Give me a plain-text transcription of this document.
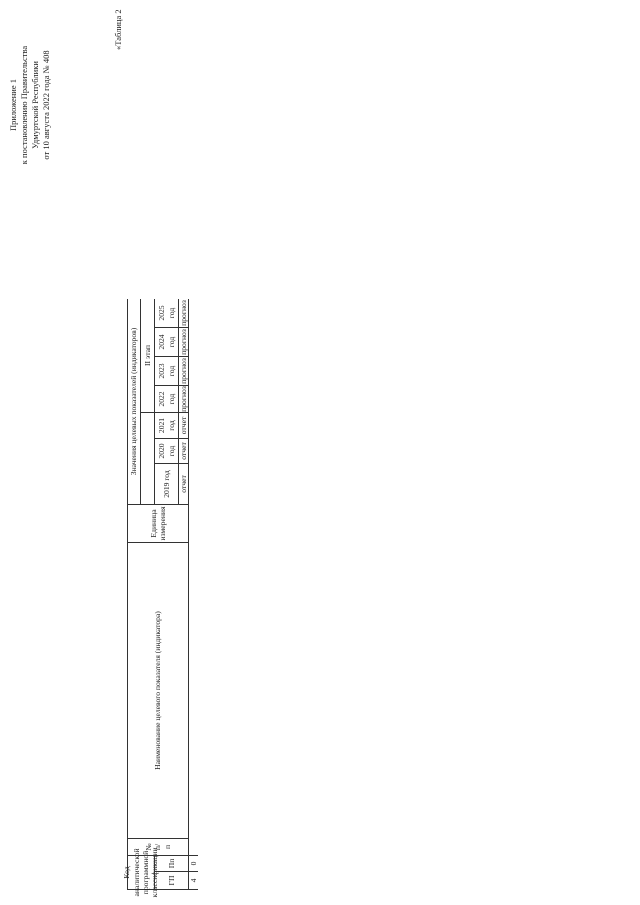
Приложение 1 к постановлению Правительства Удмуртской Республики от 10 августа 2022 года № 408
«Таблица 2
Код аналитической программной классификации ГП
Пп
№ п/п
Наименование целевого показателя (индикатора)
Единица измерения
Значения целевых показателей (индикаторов) II этап
2019 год	отчет
2020 год отчет
2021 год отчет
2022 год прогноз
2023 год прогноз
2024 год прогноз
2025 год прогноз
4
0
